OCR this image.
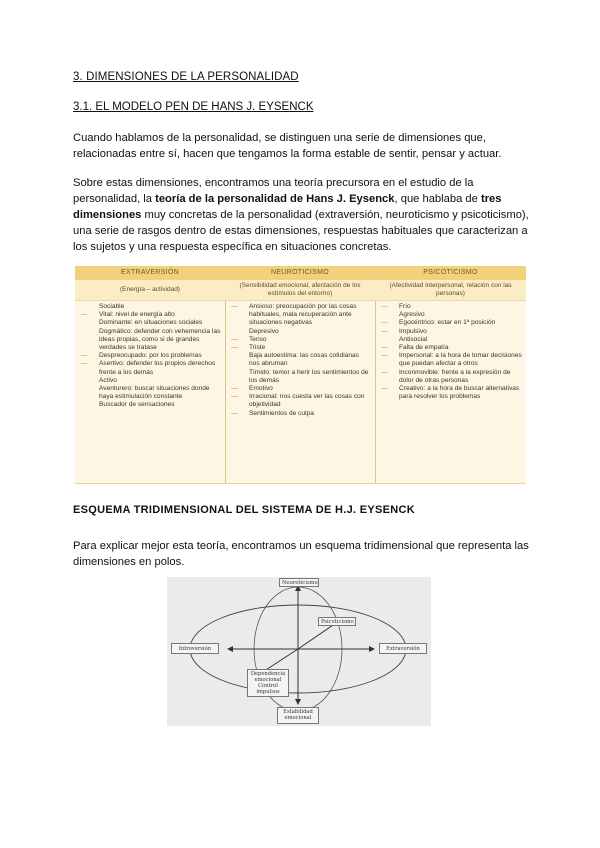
3. DIMENSIONES DE LA PERSONALIDAD
3.1. EL MODELO PEN DE HANS J. EYSENCK
Cuando hablamos de la personalidad, se distinguen una serie de dimensiones que, relacionadas entre sí, hacen que tengamos la forma estable de sentir, pensar y actuar.
Sobre estas dimensiones, encontramos una teoría precursora en el estudio de la personalidad, la teoría de la personalidad de Hans J. Eysenck, que hablaba de tres dimensiones muy concretas de la personalidad (extraversión, neuroticismo y psicoticismo), una serie de rasgos dentro de estas dimensiones, respuestas habituales que caracterizan a los sujetos y una respuesta específica en situaciones concretas.
EXTRAVERSIÓN
(Energía – actividad)
Sociable
— Vital: nivel de energía alto
Dominante: en situaciones sociales
Dogmático: defender con vehemencia las ideas propias, como si de grandes verdades se tratase
— Despreocupado: por los problemas
— Asertivo: defender los propios derechos frente a los demás
Activo
Aventurero: buscar situaciones donde haya estimulación constante
Buscador de sensaciones
NEUROTICISMO
(Sensibilidad emocional, afectación de los estímulos del entorno)
— Ansioso: preocupación por las cosas habituales, mala recuperación ante situaciones negativas
Depresivo
— Tenso
— Triste
Baja autoestima: las cosas cotidianas nos abruman
Tímido: temor a herir los sentimientos de los demás
— Emotivo
— Irracional: nos cuesta ver las cosas con objetividad
— Sentimientos de culpa
PSICOTICISMO
(Afectividad interpersonal, relación con las personas)
— Frío
Agresivo
— Egocéntrico: estar en 1ª posición
— Impulsivo
Antisocial
— Falta de empatía
— Impersonal: a la hora de tomar decisiones que puedan afectar a otros
— Inconmovible: frente a la expresión de dolor de otras personas
— Creativo: a la hora de buscar alternativas para resolver los problemas
ESQUEMA TRIDIMENSIONAL DEL SISTEMA DE H.J. EYSENCK
Para explicar mejor esta teoría, encontramos un esquema tridimensional que representa las dimensiones en polos.
Neuroticismo
Psicoticismo
Introversión	Extraversión
Dependencia emocional Control impulsos
Estabilidad emocional
